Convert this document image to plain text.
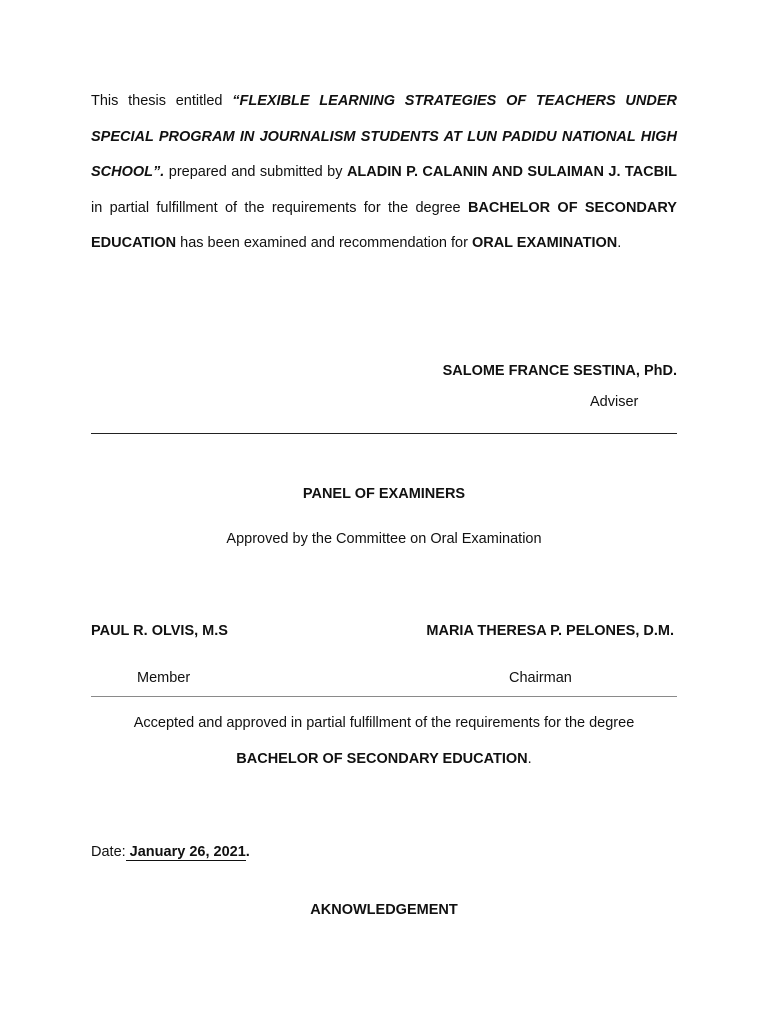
This thesis entitled “FLEXIBLE LEARNING STRATEGIES OF TEACHERS UNDER SPECIAL PROGRAM IN JOURNALISM STUDENTS AT LUN PADIDU NATIONAL HIGH SCHOOL”. prepared and submitted by ALADIN P. CALANIN AND SULAIMAN J. TACBIL in partial fulfillment of the requirements for the degree BACHELOR OF SECONDARY EDUCATION has been examined and recommendation for ORAL EXAMINATION.

SALOME FRANCE SESTINA, PhD.

Adviser

PANEL OF EXAMINERS

Approved by the Committee on Oral Examination

PAUL R. OLVIS, M.S	MARIA THERESA P. PELONES, D.M.

Member	Chairman

Accepted and approved in partial fulfillment of the requirements for the degree

BACHELOR OF SECONDARY EDUCATION.

Date: January 26, 2021.

AKNOWLEDGEMENT
